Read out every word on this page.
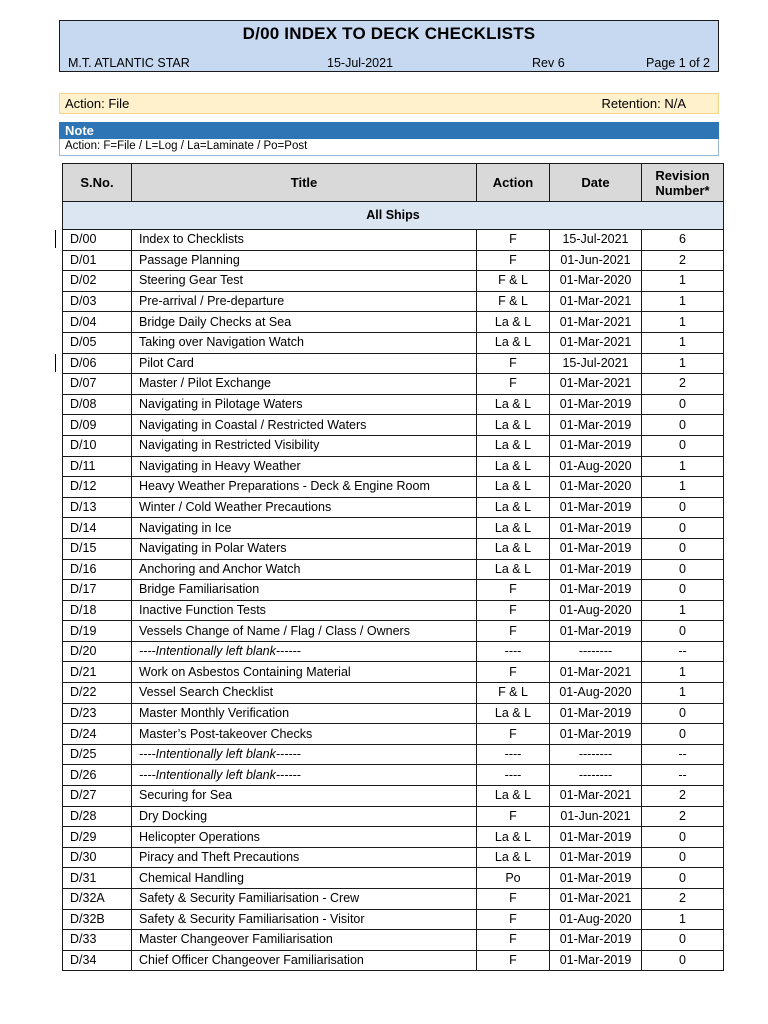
D/00 INDEX TO DECK CHECKLISTS
M.T. ATLANTIC STAR	15-Jul-2021	Rev 6	Page 1 of 2
Action: File	Retention: N/A
Note
Action: F=File / L=Log / La=Laminate / Po=Post
S.No.	Title	Action	Date	Revision Number*
All Ships				
D/00	Index to Checklists	F	15-Jul-2021	6
D/01	Passage Planning	F	01-Jun-2021	2
D/02	Steering Gear Test	F & L	01-Mar-2020	1
D/03	Pre-arrival / Pre-departure	F & L	01-Mar-2021	1
D/04	Bridge Daily Checks at Sea	La & L	01-Mar-2021	1
D/05	Taking over Navigation Watch	La & L	01-Mar-2021	1
D/06	Pilot Card	F	15-Jul-2021	1
D/07	Master / Pilot Exchange	F	01-Mar-2021	2
D/08	Navigating in Pilotage Waters	La & L	01-Mar-2019	0
D/09	Navigating in Coastal / Restricted Waters	La & L	01-Mar-2019	0
D/10	Navigating in Restricted Visibility	La & L	01-Mar-2019	0
D/11	Navigating in Heavy Weather	La & L	01-Aug-2020	1
D/12	Heavy Weather Preparations - Deck & Engine Room	La & L	01-Mar-2020	1
D/13	Winter / Cold Weather Precautions	La & L	01-Mar-2019	0
D/14	Navigating in Ice	La & L	01-Mar-2019	0
D/15	Navigating in Polar Waters	La & L	01-Mar-2019	0
D/16	Anchoring and Anchor Watch	La & L	01-Mar-2019	0
D/17	Bridge Familiarisation	F	01-Mar-2019	0
D/18	Inactive Function Tests	F	01-Aug-2020	1
D/19	Vessels Change of Name / Flag / Class / Owners	F	01-Mar-2019	0
D/20	----Intentionally left blank------	----	--------	--
D/21	Work on Asbestos Containing Material	F	01-Mar-2021	1
D/22	Vessel Search Checklist	F & L	01-Aug-2020	1
D/23	Master Monthly Verification	La & L	01-Mar-2019	0
D/24	Master’s Post-takeover Checks	F	01-Mar-2019	0
D/25	----Intentionally left blank------	----	--------	--
D/26	----Intentionally left blank------	----	--------	--
D/27	Securing for Sea	La & L	01-Mar-2021	2
D/28	Dry Docking	F	01-Jun-2021	2
D/29	Helicopter Operations	La & L	01-Mar-2019	0
D/30	Piracy and Theft Precautions	La & L	01-Mar-2019	0
D/31	Chemical Handling	Po	01-Mar-2019	0
D/32A	Safety & Security Familiarisation - Crew	F	01-Mar-2021	2
D/32B	Safety & Security Familiarisation - Visitor	F	01-Aug-2020	1
D/33	Master Changeover Familiarisation	F	01-Mar-2019	0
D/34	Chief Officer Changeover Familiarisation	F	01-Mar-2019	0
